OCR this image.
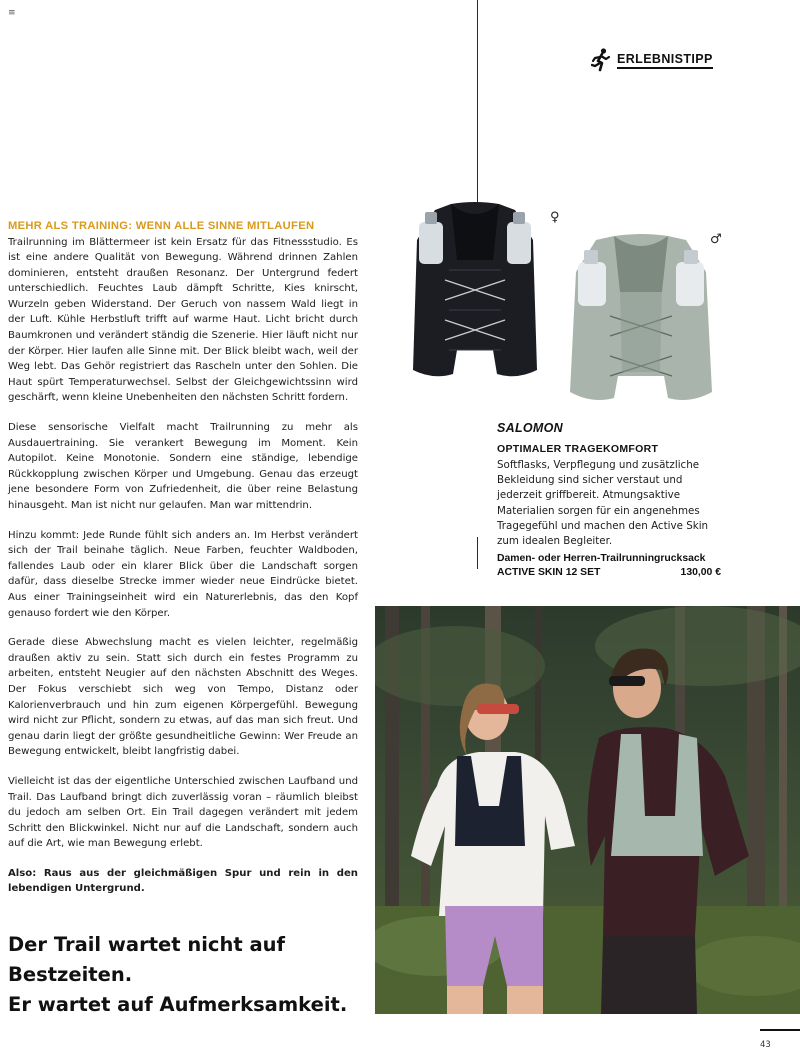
≡
ERLEBNISTIPP
MEHR ALS TRAINING: WENN ALLE SINNE MITLAUFEN

Trailrunning im Blättermeer ist kein Ersatz für das Fitnessstudio. Es ist eine andere Qualität von Bewegung. Während drinnen Zahlen dominieren, entsteht draußen Resonanz. Der Untergrund federt unterschiedlich. Feuchtes Laub dämpft Schritte, Kies knirscht, Wurzeln geben Widerstand. Der Geruch von nassem Wald liegt in der Luft. Kühle Herbstluft trifft auf warme Haut. Licht bricht durch Baumkronen und verändert ständig die Szenerie. Hier läuft nicht nur der Körper. Hier laufen alle Sinne mit. Der Blick bleibt wach, weil der Weg lebt. Das Gehör registriert das Rascheln unter den Sohlen. Die Haut spürt Temperaturwechsel. Selbst der Gleichgewichtssinn wird geschärft, wenn kleine Unebenheiten den nächsten Schritt fordern.

Diese sensorische Vielfalt macht Trailrunning zu mehr als Ausdauertraining. Sie verankert Bewegung im Moment. Kein Autopilot. Keine Monotonie. Sondern eine ständige, lebendige Rückkopplung zwischen Körper und Umgebung. Genau das erzeugt jene besondere Form von Zufriedenheit, die über reine Belastung hinausgeht. Man ist nicht nur gelaufen. Man war mittendrin.

Hinzu kommt: Jede Runde fühlt sich anders an. Im Herbst verändert sich der Trail beinahe täglich. Neue Farben, feuchter Waldboden, fallendes Laub oder ein klarer Blick über die Landschaft sorgen dafür, dass dieselbe Strecke immer wieder neue Eindrücke bietet. Aus einer Trainingseinheit wird ein Naturerlebnis, das den Kopf genauso fordert wie den Körper.

Gerade diese Abwechslung macht es vielen leichter, regelmäßig draußen aktiv zu sein. Statt sich durch ein festes Programm zu arbeiten, entsteht Neugier auf den nächsten Abschnitt des Weges. Der Fokus verschiebt sich weg von Tempo, Distanz oder Kalorienverbrauch und hin zum eigenen Körpergefühl. Bewegung wird nicht zur Pflicht, sondern zu etwas, auf das man sich freut. Und genau darin liegt der größte gesundheitliche Gewinn: Wer Freude an Bewegung entwickelt, bleibt langfristig dabei.

Vielleicht ist das der eigentliche Unterschied zwischen Laufband und Trail. Das Laufband bringt dich zuverlässig voran – räumlich bleibst du jedoch am selben Ort. Ein Trail dagegen verändert mit jedem Schritt den Blickwinkel. Nicht nur auf die Landschaft, sondern auch auf die Art, wie man Bewegung erlebt.

Also: Raus aus der gleichmäßigen Spur und rein in den lebendigen Untergrund.

Der Trail wartet nicht auf
Bestzeiten.
Er wartet auf Aufmerksamkeit.
♀
♂
SALOMON
OPTIMALER TRAGEKOMFORT
Softflasks, Verpflegung und zusätzliche Bekleidung sind sicher verstaut und jederzeit griffbereit. Atmungsaktive Materialien sorgen für ein angenehmes Tragegefühl und machen den Active Skin zum idealen Begleiter.
Damen- oder Herren-Trailrunningrucksack
ACTIVE SKIN 12 SET	130,00 €
43
